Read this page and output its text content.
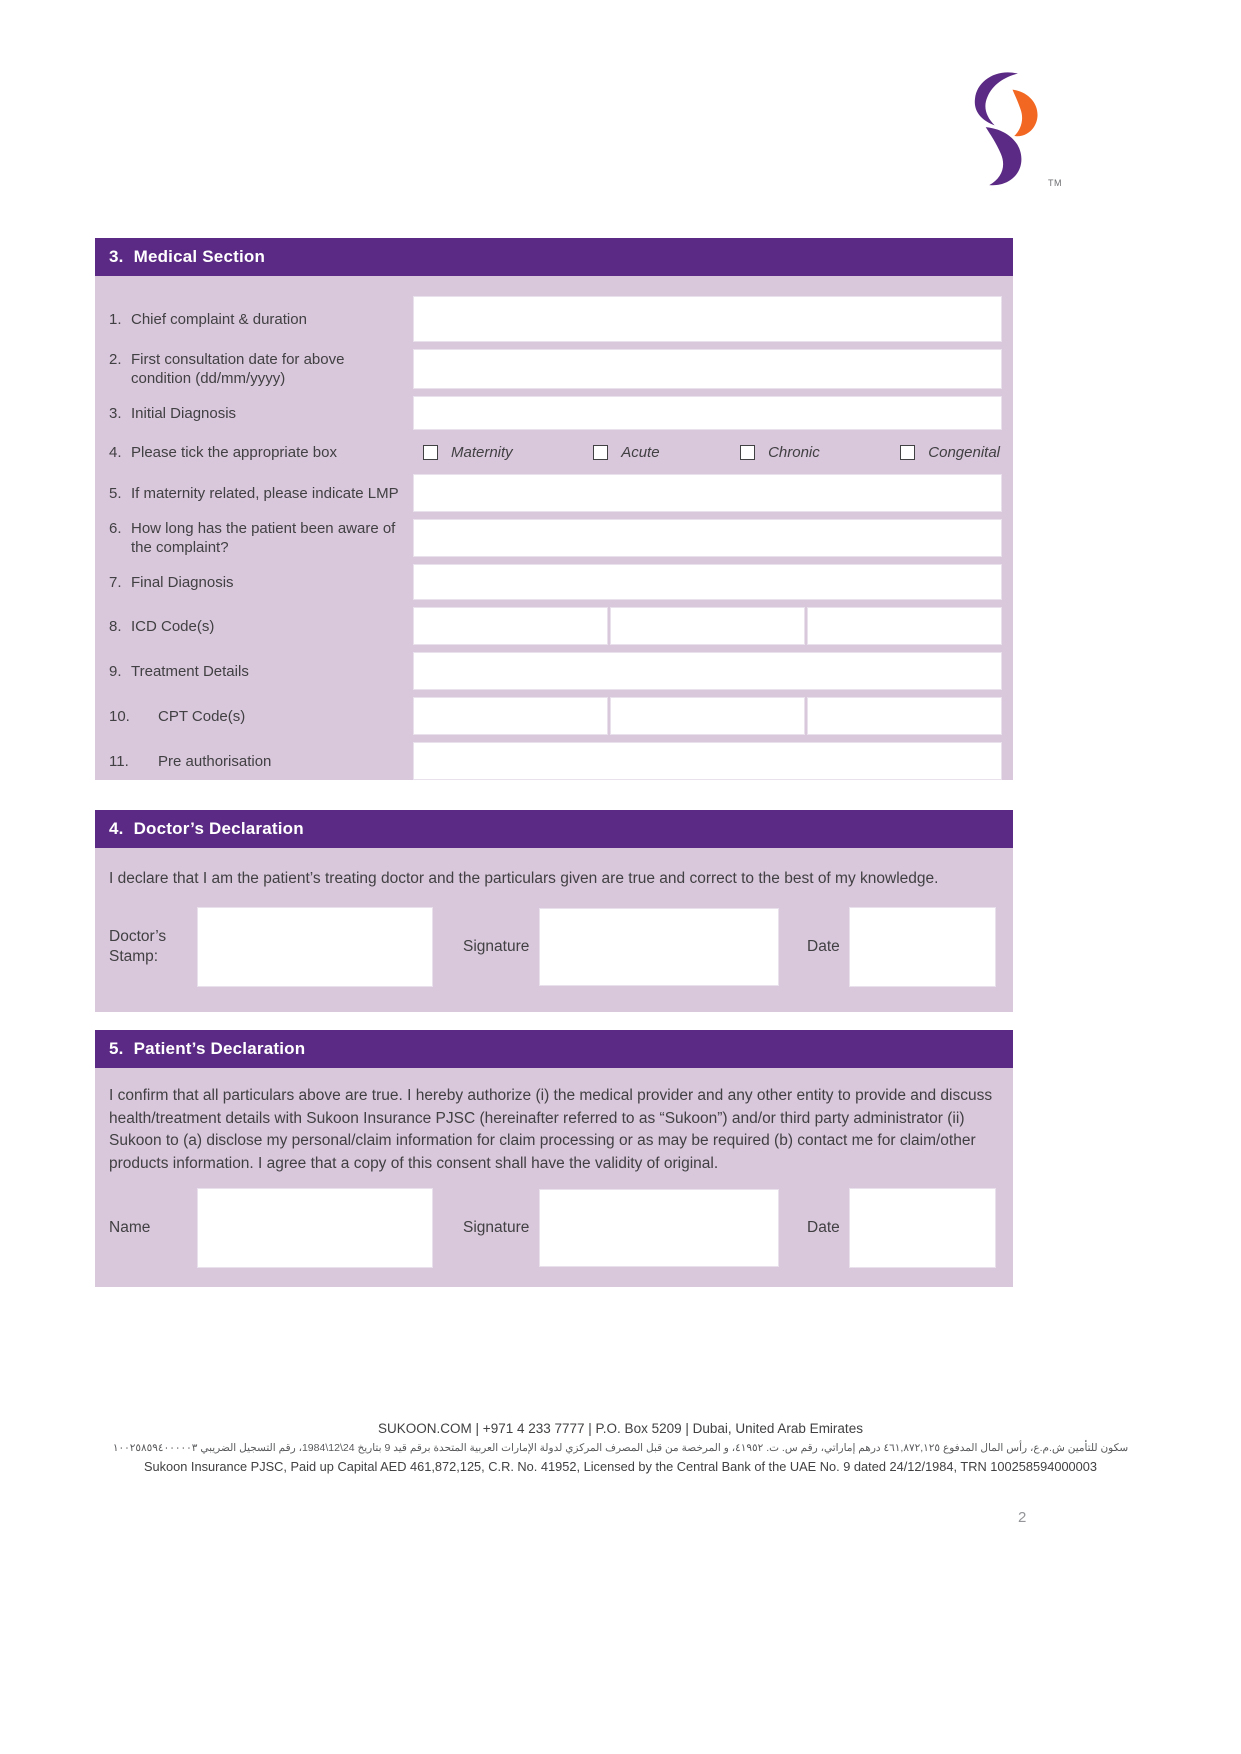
TM
3. Medical Section
1. Chief complaint & duration
2. First consultation date for above condition (dd/mm/yyyy)
3. Initial Diagnosis
4. Please tick the appropriate box	Maternity	Acute	Chronic	Congenital
5. If maternity related, please indicate LMP
6. How long has the patient been aware of the complaint?
7. Final Diagnosis
8. ICD Code(s)
9. Treatment Details
10.	CPT Code(s)
11.	Pre authorisation
4. Doctor’s Declaration

I declare that I am the patient’s treating doctor and the particulars given are true and correct to the best of my knowledge.

Doctor’s Stamp:
Signature	Date
5. Patient’s Declaration

I confirm that all particulars above are true. I hereby authorize (i) the medical provider and any other entity to provide and discuss health/treatment details with Sukoon Insurance PJSC (hereinafter referred to as “Sukoon”) and/or third party administrator (ii) Sukoon to (a) disclose my personal/claim information for claim processing or as may be required (b) contact me for claim/other products information. I agree that a copy of this consent shall have the validity of original.

Name	Signature	Date
SUKOON.COM | +971 4 233 7777 | P.O. Box 5209 | Dubai, United Arab Emirates
سكون للتأمين ش.م.ع، رأس المال المدفوع ٤٦١,٨٧٢,١٢٥ درهم إماراتي، رقم س. ت. ٤١٩٥٢، و المرخصة من قبل المصرف المركزي لدولة الإمارات العربية المتحدة برقم قيد 9 بتاريخ 24\12\1984، رقم التسجيل الضريبي ١٠٠٢٥٨٥٩٤٠٠٠٠٠٣
Sukoon Insurance PJSC, Paid up Capital AED 461,872,125, C.R. No. 41952, Licensed by the Central Bank of the UAE No. 9 dated 24/12/1984, TRN 100258594000003
2
